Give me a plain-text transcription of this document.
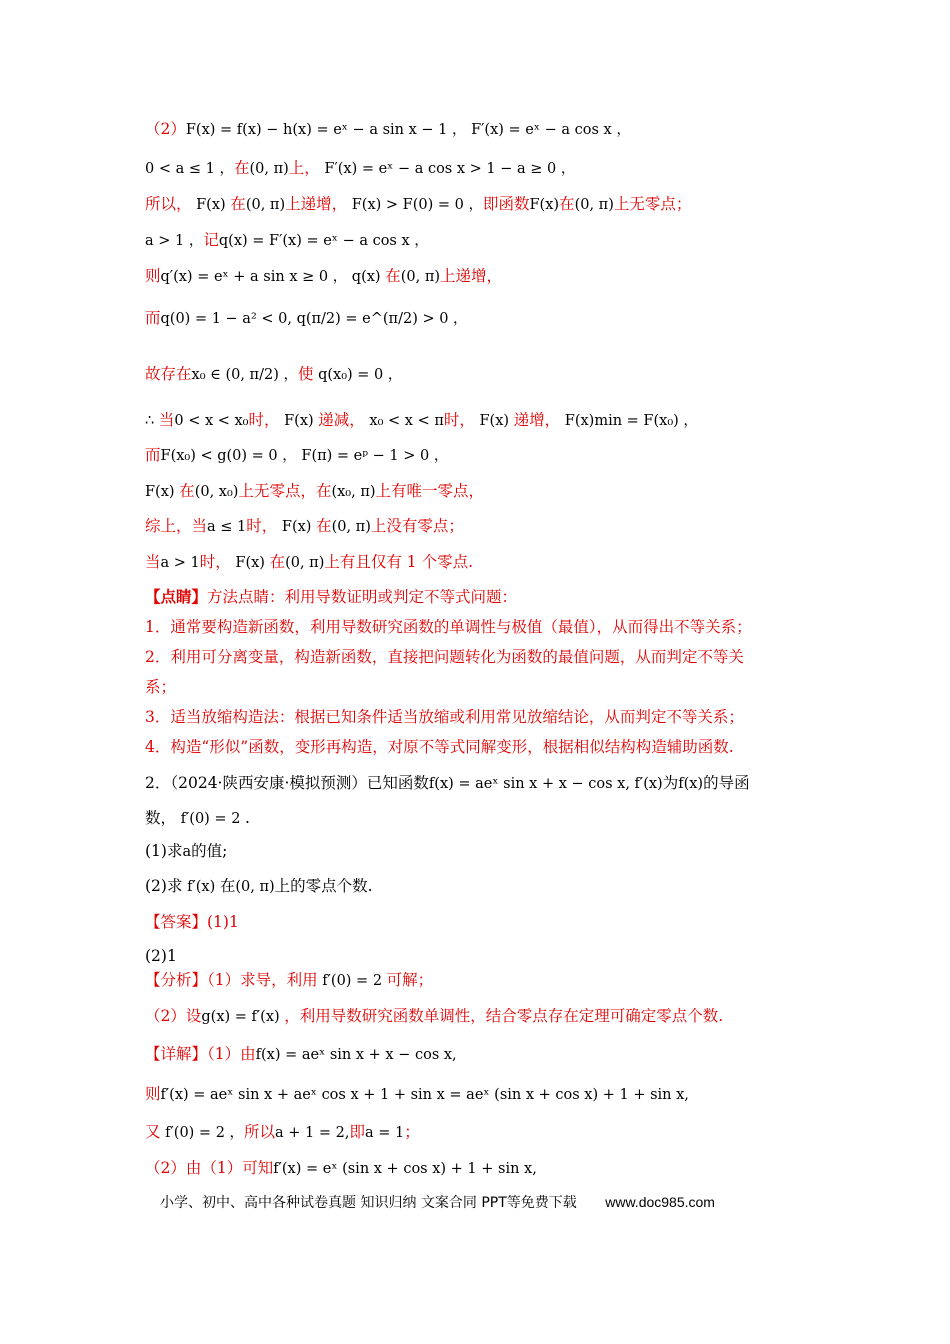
（2）F(x) = f(x) − h(x) = eˣ − a sin x − 1 ， F′(x) = eˣ − a cos x ，
0 < a ≤ 1 ，在(0, π)上， F′(x) = eˣ − a cos x > 1 − a ≥ 0 ，
所以， F(x) 在(0, π)上递增， F(x) > F(0) = 0 ，即函数F(x)在(0, π)上无零点；
a > 1 ，记q(x) = F′(x) = eˣ − a cos x ，
则q′(x) = eˣ + a sin x ≥ 0 ， q(x) 在(0, π)上递增，
而q(0) = 1 − a² < 0, q(π/2) = e^(π/2) > 0 ，
故存在x₀ ∈ (0, π/2) ，使 q(x₀) = 0 ，
∴ 当0 < x < x₀时， F(x) 递减， x₀ < x < π时， F(x) 递增， F(x)min = F(x₀) ，
而F(x₀) < g(0) = 0 ， F(π) = eᵖ − 1 > 0 ，
F(x) 在(0, x₀)上无零点，在(x₀, π)上有唯一零点，
综上，当a ≤ 1时， F(x) 在(0, π)上没有零点；
当a > 1时， F(x) 在(0, π)上有且仅有 1 个零点.
【点睛】方法点睛：利用导数证明或判定不等式问题：
1．通常要构造新函数，利用导数研究函数的单调性与极值（最值），从而得出不等关系；
2．利用可分离变量，构造新函数，直接把问题转化为函数的最值问题，从而判定不等关
系；
3．适当放缩构造法：根据已知条件适当放缩或利用常见放缩结论，从而判定不等关系；
4．构造“形似”函数，变形再构造，对原不等式同解变形，根据相似结构构造辅助函数.
2．（2024·陕西安康·模拟预测）已知函数f(x) = aeˣ sin x + x − cos x, f′(x)为f(x)的导函
数， f′(0) = 2 .
(1)求a的值;
(2)求 f′(x) 在(0, π)上的零点个数.
【答案】(1)1
(2)1
【分析】（1）求导，利用 f′(0) = 2 可解；
（2）设g(x) = f′(x) ，利用导数研究函数单调性，结合零点存在定理可确定零点个数.
【详解】（1）由f(x) = aeˣ sin x + x − cos x,
则f′(x) = aeˣ sin x + aeˣ cos x + 1 + sin x = aeˣ (sin x + cos x) + 1 + sin x,
又 f′(0) = 2 ，所以a + 1 = 2,即a = 1；
（2）由（1）可知f′(x) = eˣ (sin x + cos x) + 1 + sin x,
小学、初中、高中各种试卷真题 知识归纳 文案合同 PPT等免费下载 www.doc985.com
